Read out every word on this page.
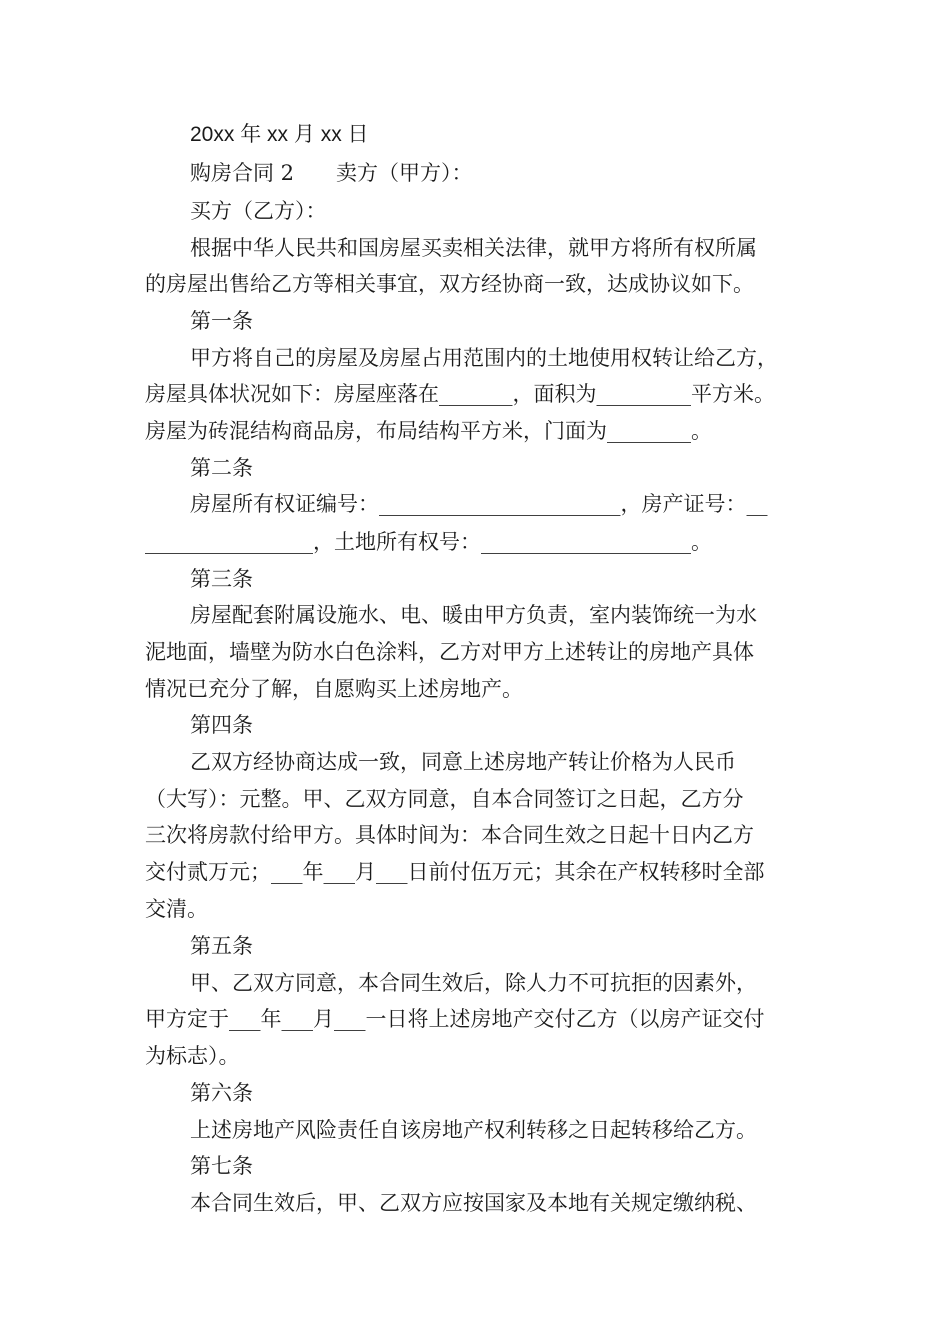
20xx 年 xx 月 xx 日
购房合同 2　　卖方（甲方）：
买方（乙方）：
根据中华人民共和国房屋买卖相关法律，就甲方将所有权所属
的房屋出售给乙方等相关事宜，双方经协商一致，达成协议如下。
第一条
甲方将自己的房屋及房屋占用范围内的土地使用权转让给乙方，
房屋具体状况如下：房屋座落在_______，面积为_________平方米。
房屋为砖混结构商品房，布局结构平方米，门面为________。
第二条
房屋所有权证编号：_______________________，房产证号：__
________________，土地所有权号：____________________。
第三条
房屋配套附属设施水、电、暖由甲方负责，室内装饰统一为水
泥地面，墙壁为防水白色涂料，乙方对甲方上述转让的房地产具体
情况已充分了解，自愿购买上述房地产。
第四条
乙双方经协商达成一致，同意上述房地产转让价格为人民币
（大写）：元整。甲、乙双方同意，自本合同签订之日起，乙方分
三次将房款付给甲方。具体时间为：本合同生效之日起十日内乙方
交付贰万元；___年___月___日前付伍万元；其余在产权转移时全部
交清。
第五条
甲、乙双方同意，本合同生效后，除人力不可抗拒的因素外，
甲方定于___年___月___一日将上述房地产交付乙方（以房产证交付
为标志）。
第六条
上述房地产风险责任自该房地产权利转移之日起转移给乙方。
第七条
本合同生效后，甲、乙双方应按国家及本地有关规定缴纳税、
